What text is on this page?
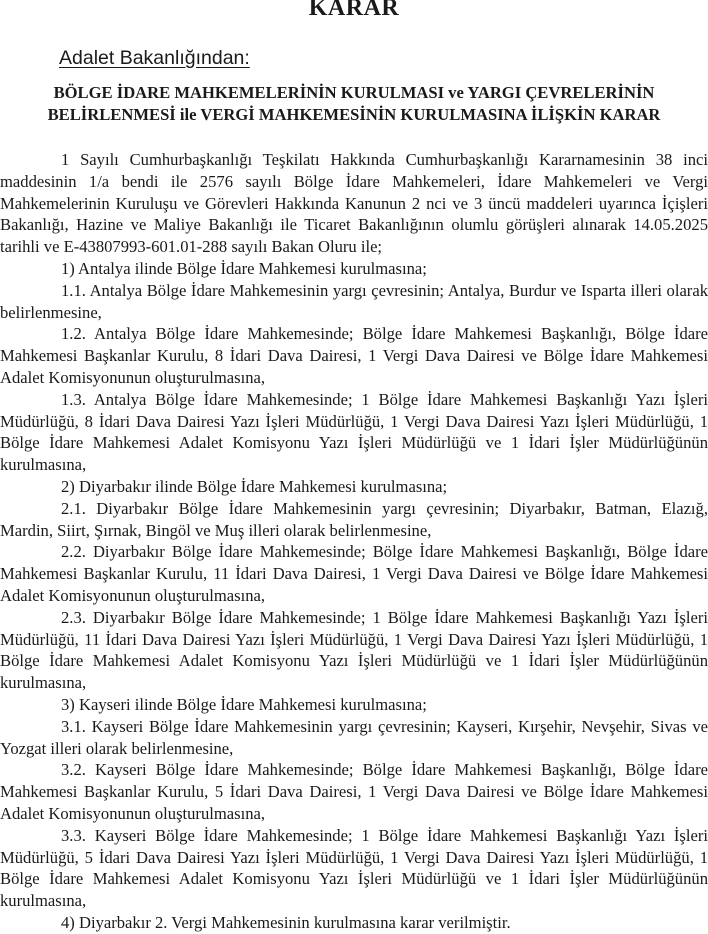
KARAR
Adalet Bakanlığından:
BÖLGE İDARE MAHKEMELERİNİN KURULMASI ve YARGI ÇEVRELERİNİN
BELİRLENMESİ ile VERGİ MAHKEMESİNİN KURULMASINA İLİŞKİN KARAR

1 Sayılı Cumhurbaşkanlığı Teşkilatı Hakkında Cumhurbaşkanlığı Kararnamesinin 38 inci maddesinin 1/a bendi ile 2576 sayılı Bölge İdare Mahkemeleri, İdare Mahkemeleri ve Vergi Mahkemelerinin Kuruluşu ve Görevleri Hakkında Kanunun 2 nci ve 3 üncü maddeleri uyarınca İçişleri Bakanlığı, Hazine ve Maliye Bakanlığı ile Ticaret Bakanlığının olumlu görüşleri alınarak 14.05.2025 tarihli ve E-43807993-601.01-288 sayılı Bakan Oluru ile;

1) Antalya ilinde Bölge İdare Mahkemesi kurulmasına;

1.1. Antalya Bölge İdare Mahkemesinin yargı çevresinin; Antalya, Burdur ve Isparta illeri olarak belirlenmesine,

1.2. Antalya Bölge İdare Mahkemesinde; Bölge İdare Mahkemesi Başkanlığı, Bölge İdare Mahkemesi Başkanlar Kurulu, 8 İdari Dava Dairesi, 1 Vergi Dava Dairesi ve Bölge İdare Mahkemesi Adalet Komisyonunun oluşturulmasına,

1.3. Antalya Bölge İdare Mahkemesinde; 1 Bölge İdare Mahkemesi Başkanlığı Yazı İşleri Müdürlüğü, 8 İdari Dava Dairesi Yazı İşleri Müdürlüğü, 1 Vergi Dava Dairesi Yazı İşleri Müdürlüğü, 1 Bölge İdare Mahkemesi Adalet Komisyonu Yazı İşleri Müdürlüğü ve 1 İdari İşler Müdürlüğünün kurulmasına,

2) Diyarbakır ilinde Bölge İdare Mahkemesi kurulmasına;

2.1. Diyarbakır Bölge İdare Mahkemesinin yargı çevresinin; Diyarbakır, Batman, Elazığ, Mardin, Siirt, Şırnak, Bingöl ve Muş illeri olarak belirlenmesine,

2.2. Diyarbakır Bölge İdare Mahkemesinde; Bölge İdare Mahkemesi Başkanlığı, Bölge İdare Mahkemesi Başkanlar Kurulu, 11 İdari Dava Dairesi, 1 Vergi Dava Dairesi ve Bölge İdare Mahkemesi Adalet Komisyonunun oluşturulmasına,

2.3. Diyarbakır Bölge İdare Mahkemesinde; 1 Bölge İdare Mahkemesi Başkanlığı Yazı İşleri Müdürlüğü, 11 İdari Dava Dairesi Yazı İşleri Müdürlüğü, 1 Vergi Dava Dairesi Yazı İşleri Müdürlüğü, 1 Bölge İdare Mahkemesi Adalet Komisyonu Yazı İşleri Müdürlüğü ve 1 İdari İşler Müdürlüğünün kurulmasına,

3) Kayseri ilinde Bölge İdare Mahkemesi kurulmasına;

3.1. Kayseri Bölge İdare Mahkemesinin yargı çevresinin; Kayseri, Kırşehir, Nevşehir, Sivas ve Yozgat illeri olarak belirlenmesine,

3.2. Kayseri Bölge İdare Mahkemesinde; Bölge İdare Mahkemesi Başkanlığı, Bölge İdare Mahkemesi Başkanlar Kurulu, 5 İdari Dava Dairesi, 1 Vergi Dava Dairesi ve Bölge İdare Mahkemesi Adalet Komisyonunun oluşturulmasına,

3.3. Kayseri Bölge İdare Mahkemesinde; 1 Bölge İdare Mahkemesi Başkanlığı Yazı İşleri Müdürlüğü, 5 İdari Dava Dairesi Yazı İşleri Müdürlüğü, 1 Vergi Dava Dairesi Yazı İşleri Müdürlüğü, 1 Bölge İdare Mahkemesi Adalet Komisyonu Yazı İşleri Müdürlüğü ve 1 İdari İşler Müdürlüğünün kurulmasına,

4) Diyarbakır 2. Vergi Mahkemesinin kurulmasına karar verilmiştir.
